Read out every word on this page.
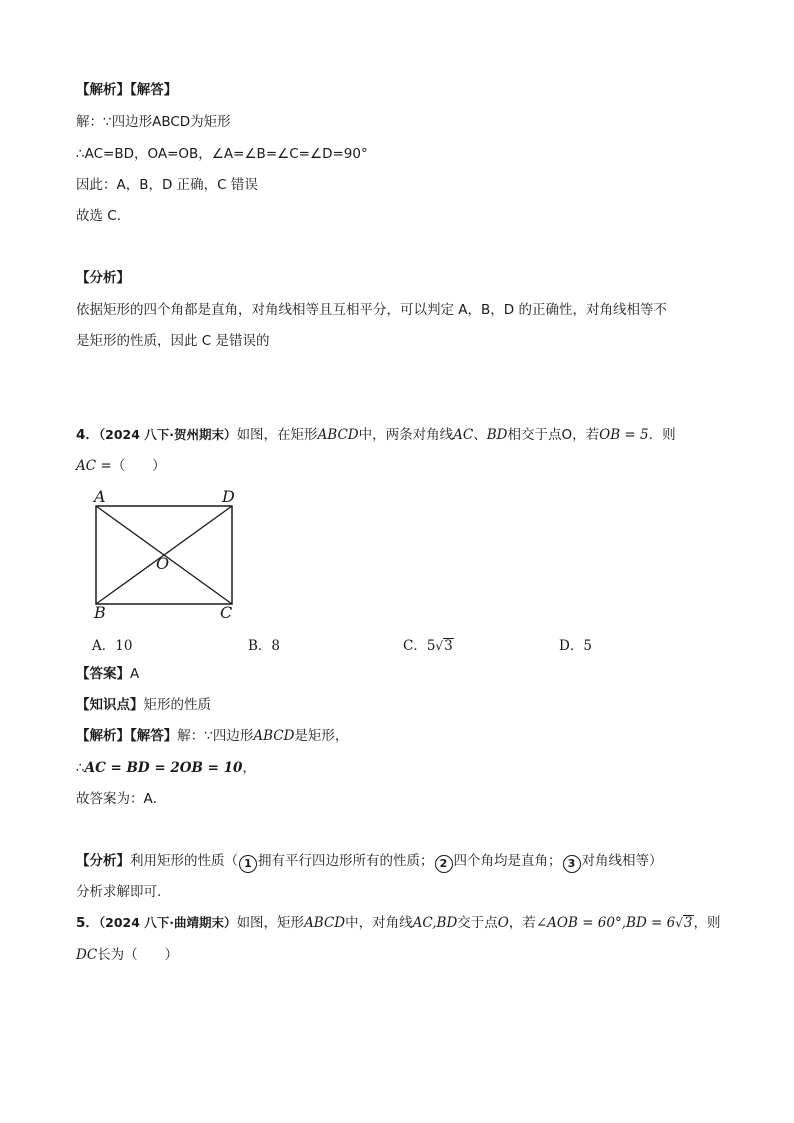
【解析】【解答】
解：∵四边形ABCD为矩形
∴AC=BD，OA=OB，∠A=∠B=∠C=∠D=90°
因此：A，B，D 正确，C 错误
故选 C.
【分析】
依据矩形的四个角都是直角，对角线相等且互相平分，可以判定 A，B，D 的正确性，对角线相等不
是矩形的性质，因此 C 是错误的
4．（2024 八下·贺州期末）如图，在矩形ABCD中，两条对角线AC、BD相交于点O，若OB = 5．则
AC =（　　）
A	D
B	C
O
A．10	B．8	C．5√3	D．5
【答案】A
【知识点】矩形的性质
【解析】【解答】解：∵四边形ABCD是矩形，
∴AC = BD = 2OB = 10，
故答案为：A．
【分析】利用矩形的性质（ 1 拥有平行四边形所有的性质； 2 四个角均是直角； 3 对角线相等）
分析求解即可.
5．（2024 八下·曲靖期末）如图，矩形ABCD中，对角线AC,BD交于点O，若∠AOB = 60°,BD = 6√3，则
DC长为（　　）
